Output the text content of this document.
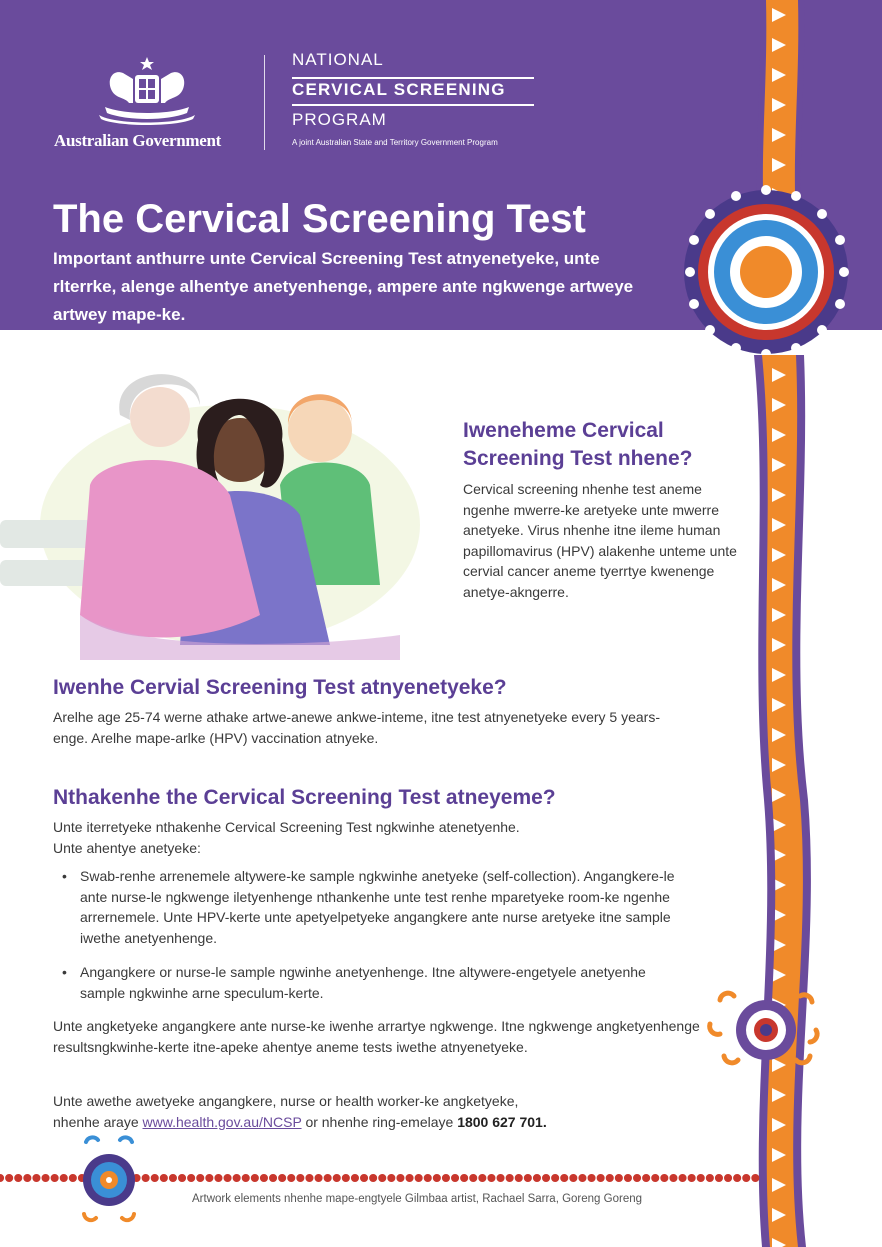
Australian Government
NATIONAL
CERVICAL SCREENING
PROGRAM
A joint Australian State and Territory Government Program
The Cervical Screening Test

Important anthurre unte Cervical Screening Test atnyenetyeke, unte rlterrke, alenge alhentye anetyenhenge, ampere ante ngkwenge artweye artwey mape-ke.

Iweneheme Cervical Screening Test nhene?

Cervical screening nhenhe test aneme ngenhe mwerre-ke aretyeke unte mwerre anetyeke. Virus nhenhe itne ileme human papillomavirus (HPV) alakenhe unteme unte cervial cancer aneme tyerrtye kwenenge anetye-akngerre.

Iwenhe Cervial Screening Test atnyenetyeke?

Arelhe age 25-74 werne athake artwe-anewe ankwe-inteme, itne test atnyenetyeke every 5 years-enge. Arelhe mape-arlke (HPV) vaccination atnyeke.

Nthakenhe the Cervical Screening Test atneyeme?

Unte iterretyeke nthakenhe Cervical Screening Test ngkwinhe atenetyenhe.
Unte ahentye anetyeke:

• Swab-renhe arrenemele altywere-ke sample ngkwinhe anetyeke (self-collection). Angangkere-le ante nurse-le ngkwenge iletyenhenge nthankenhe unte test renhe mparetyeke room-ke ngenhe arrernemele. Unte HPV-kerte unte apetyelpetyeke angangkere ante nurse aretyeke itne sample iwethe anetyenhenge.
• Angangkere or nurse-le sample ngwinhe anetyenhenge. Itne altywere-engetyele anetyenhe sample ngkwinhe arne speculum-kerte.

Unte angketyeke angangkere ante nurse-ke iwenhe arrartye ngkwenge. Itne ngkwenge angketyenhenge resultsngkwinhe-kerte itne-apeke ahentye aneme tests iwethe atnyenetyeke.

Unte awethe awetyeke angangkere, nurse or health worker-ke angketyeke,
nhenhe araye www.health.gov.au/NCSP or nhenhe ring-emelaye 1800 627 701.

Artwork elements nhenhe mape-engtyele Gilmbaa artist, Rachael Sarra, Goreng Goreng
